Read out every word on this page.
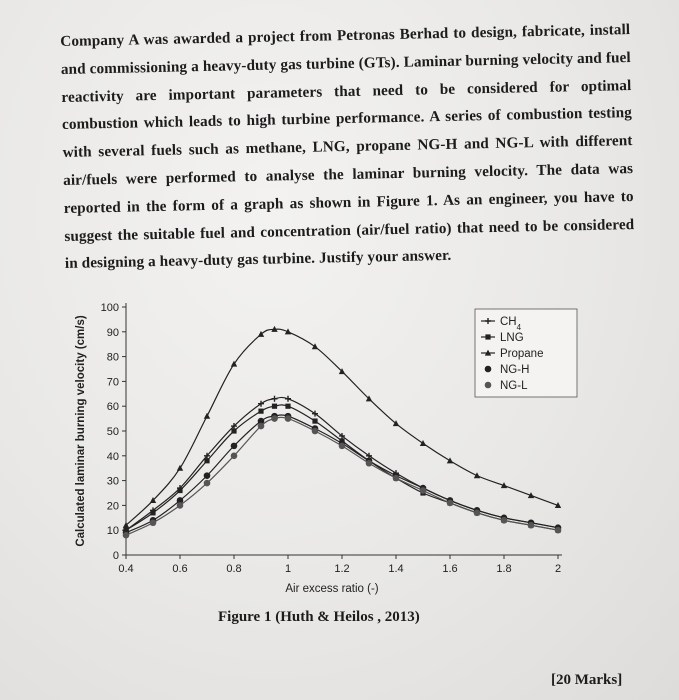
Company A was awarded a project from Petronas Berhad to design, fabricate, install and commissioning a heavy-duty gas turbine (GTs). Laminar burning velocity and fuel reactivity are important parameters that need to be considered for optimal combustion which leads to high turbine performance. A series of combustion testing with several fuels such as methane, LNG, propane NG-H and NG-L with different air/fuels were performed to analyse the laminar burning velocity. The data was reported in the form of a graph as shown in Figure 1. As an engineer, you have to suggest the suitable fuel and concentration (air/fuel ratio) that need to be considered in designing a heavy-duty gas turbine. Justify your answer.
0
10
20
30
40
50
60
70
80
90
100
0.4	0.6	0.8	1	1.2	1.4	1.6	1.8	2
Air excess ratio (-)
Calculated laminar burning velocity (cm/s)	$CH_4$
LNG
Propane
NG-H
NG-L
Figure 1 (Huth & Heilos , 2013)
[20 Marks]
